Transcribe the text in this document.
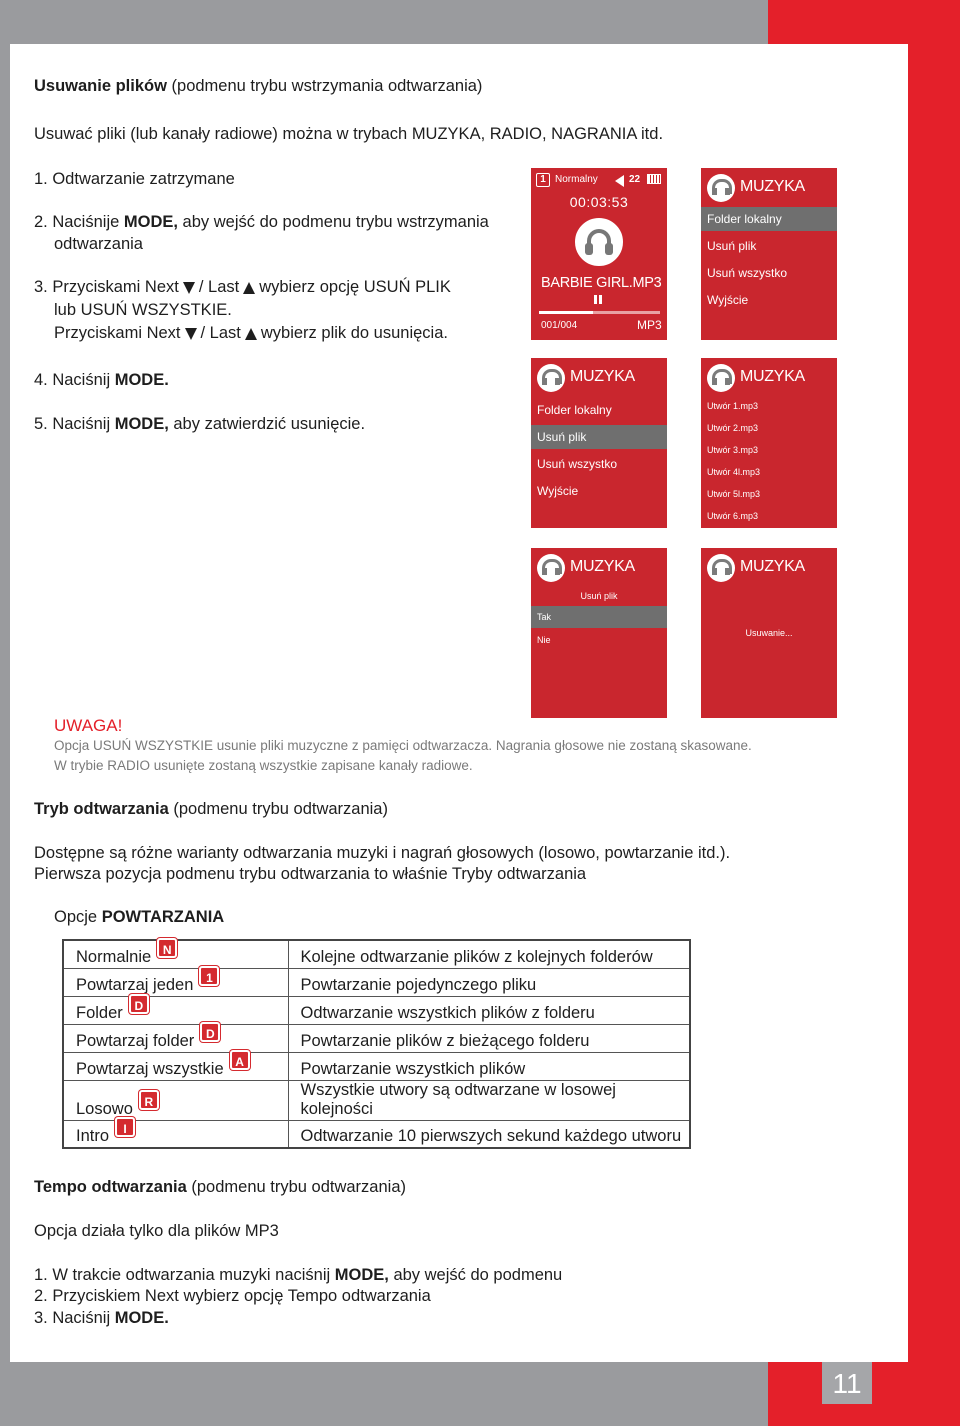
11
Usuwanie plików (podmenu trybu wstrzymania odtwarzania)
Usuwać pliki (lub kanały radiowe) można w trybach MUZYKA, RADIO, NAGRANIA itd.
1. Odtwarzanie zatrzymane
2. Naciśnije MODE, aby wejść do podmenu trybu wstrzymania
odtwarzania
3. Przyciskami Next / Last wybierz opcję USUŃ PLIK
lub USUŃ WSZYSTKIE.
Przyciskami Next / Last wybierz plik do usunięcia.
4. Naciśnij MODE.
5. Naciśnij MODE, aby zatwierdzić usunięcie.
1 Normalny	22
00:03:53
BARBIE GIRL.MP3
001/004	MP3
MUZYKA
Folder lokalny
Usuń plik
Usuń wszystko
Wyjście
MUZYKA
Folder lokalny
Usuń plik
Usuń wszystko
Wyjście
MUZYKA
Utwór 1.mp3
Utwór 2.mp3
Utwór 3.mp3
Utwór 4l.mp3
Utwór 5l.mp3
Utwór 6.mp3
MUZYKA
Usuń plik
Tak
Nie
MUZYKA
Usuwanie...
UWAGA!
Opcja USUŃ WSZYSTKIE usunie pliki muzyczne z pamięci odtwarzacza. Nagrania głosowe nie zostaną skasowane.
W trybie RADIO usunięte zostaną wszystkie zapisane kanały radiowe.
Tryb odtwarzania (podmenu trybu odtwarzania)
Dostępne są różne warianty odtwarzania muzyki i nagrań głosowych (losowo, powtarzanie itd.).
Pierwsza pozycja podmenu trybu odtwarzania to właśnie Tryby odtwarzania
Opcje POWTARZANIA
Normalnie N	Kolejne odtwarzanie plików z kolejnych folderów
Powtarzaj jeden 1	Powtarzanie pojedynczego pliku
Folder D	Odtwarzanie wszystkich plików z folderu
Powtarzaj folder D	Powtarzanie plików z bieżącego folderu
Powtarzaj wszystkie A	Powtarzanie wszystkich plików
Losowo R	Wszystkie utwory są odtwarzane w losowej kolejności
Intro I	Odtwarzanie 10 pierwszych sekund każdego utworu
Tempo odtwarzania (podmenu trybu odtwarzania)
Opcja działa tylko dla plików MP3
1. W trakcie odtwarzania muzyki naciśnij MODE, aby wejść do podmenu
2. Przyciskiem Next wybierz opcję Tempo odtwarzania
3. Naciśnij MODE.
